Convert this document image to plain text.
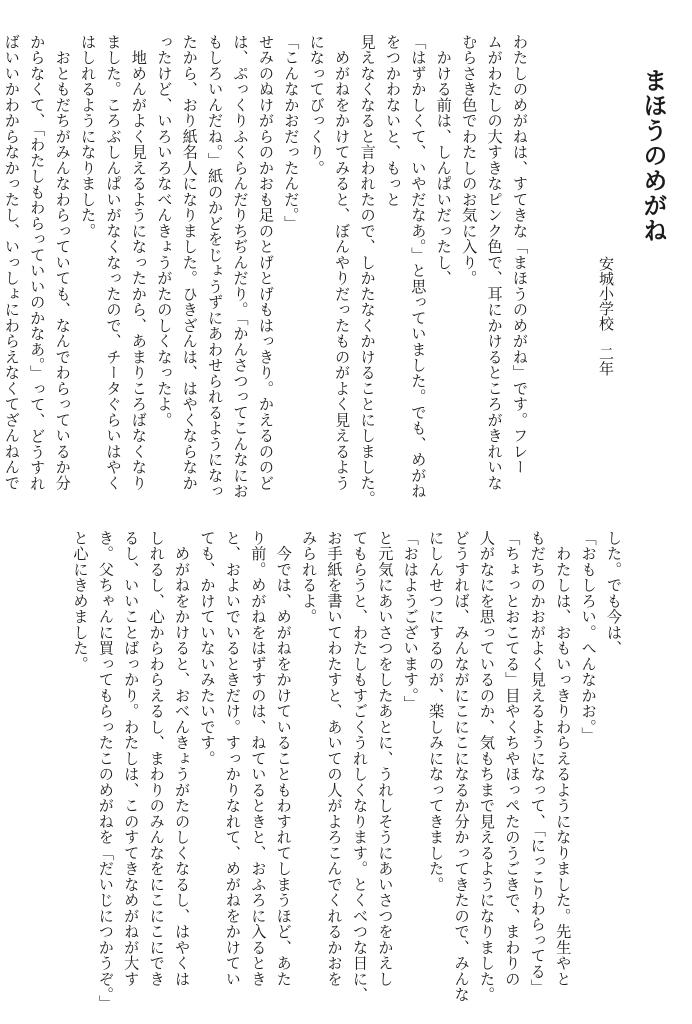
まほうのめがね
安城小学校　二年
わたしのめがねは、すてきな「まほうのめがね」です。フレー
ムがわたしの大すきなピンク色で、耳にかけるところがきれいな
むらさき色でわたしのお気に入り。
　かける前は、しんぱいだったし、
「はずかしくて、いやだなあ。」と思っていました。でも、めがね
をつかわないと、もっと
見えなくなると言われたので、しかたなくかけることにしました。
　めがねをかけてみると、ぼんやりだったものがよく見えるよう
になってびっくり。
「こんなかおだったんだ。」
せみのぬけがらのかおも足のとげとげもはっきり。かえるののど
は、ぷっくりふくらんだりちぢんだり。「かんさつってこんなにお
もしろいんだね。」紙のかどをじょうずにあわせられるようになっ
たから、おり紙名人になりました。ひきざんは、はやくならなか
ったけど、いろいろなべんきょうがたのしくなったよ。
　地めんがよく見えるようになったから、あまりころばなくなり
ました。ころぶしんぱいがなくなったので、チータぐらいはやく
はしれるようになりました。
　おともだちがみんなわらっていても、なんでわらっているか分
からなくて、「わたしもわらっていいのかなあ。」って、どうすれ
ばいいかわからなかったし、いっしょにわらえなくてざんねんで
した。でも今は、
「おもしろい。へんなかお。」
　わたしは、おもいっきりわらえるようになりました。先生やと
もだちのかおがよく見えるようになって、「にっこりわらってる」
「ちょっとおこてる」目やくちやほっぺたのうごきで、まわりの
人がなにを思っているのか、気もちまで見えるようになりました。
どうすれば、みんながにこにこになるか分かってきたので、みんな
にしんせつにするのが、楽しみになってきました。
「おはようございます。」
と元気にあいさつをしたあとに、うれしそうにあいさつをかえし
てもらうと、わたしもすごくうれしくなります。とくべつな日に、
お手紙を書いてわたすと、あいての人がよろこんでくれるかおを
みられるよ。
　今では、めがねをかけていることもわすれてしまうほど、あた
り前。めがねをはずすのは、ねているときと、おふろに入るとき
と、およいでいるときだけ。すっかりなれて、めがねをかけてい
ても、かけていないみたいです。
　めがねをかけると、おべんきょうがたのしくなるし、はやくは
しれるし、心からわらえるし、まわりのみんなをにこにこにでき
るし、いいことばっかり。わたしは、このすてきなめがねが大す
き。父ちゃんに買ってもらったこのめがねを「だいじにつかうぞ。」
と心にきめました。
